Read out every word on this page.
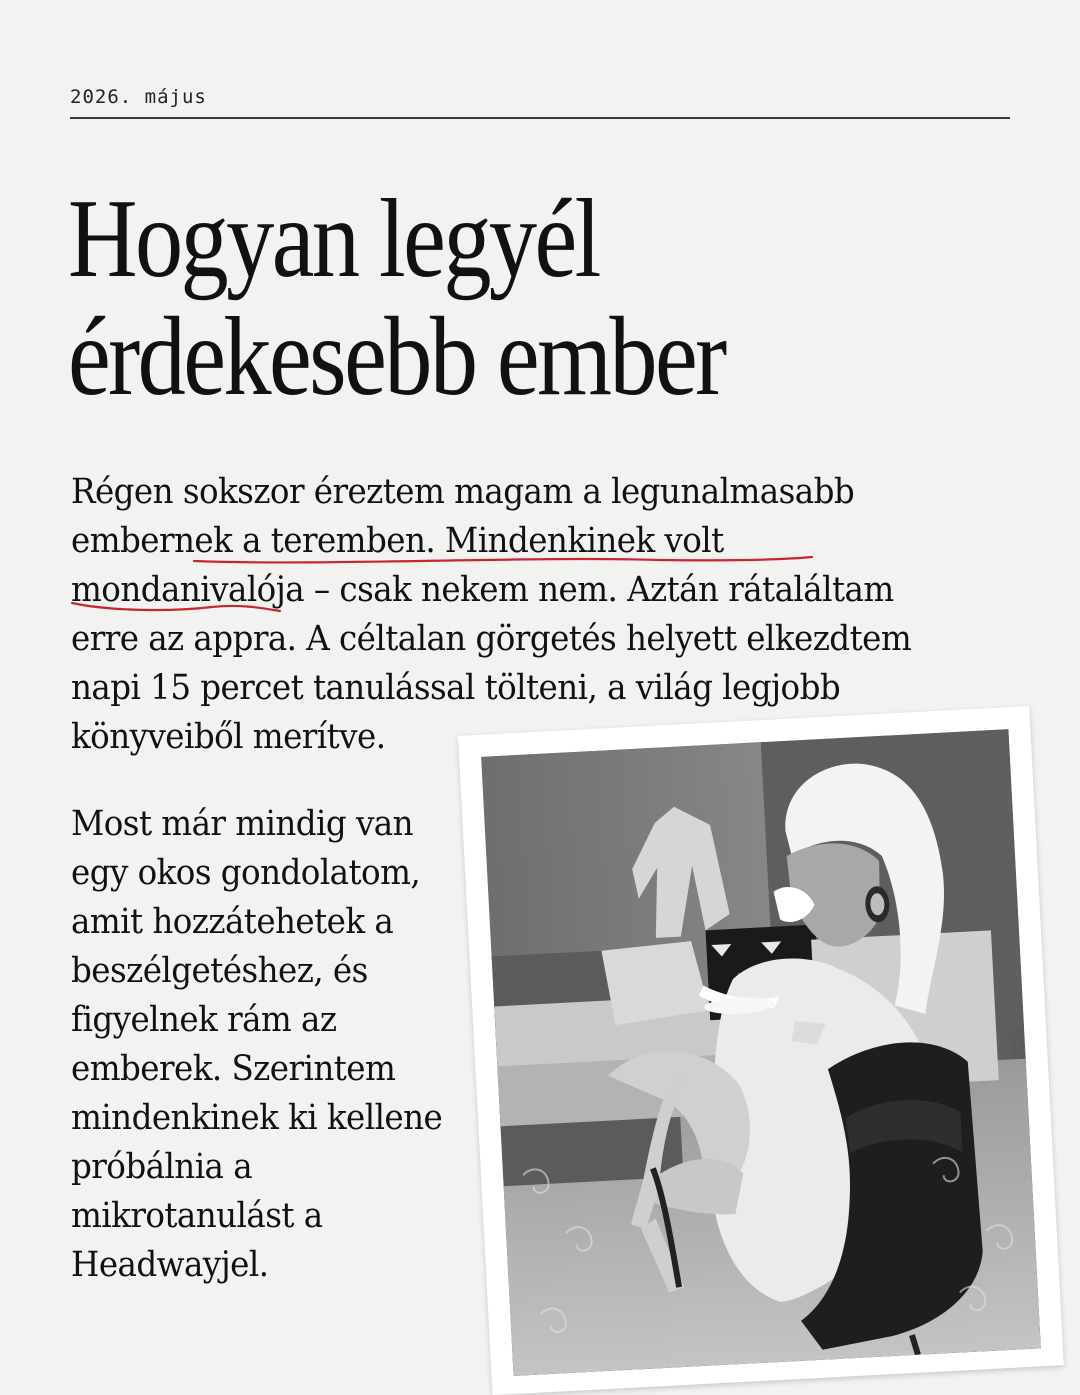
2026. május
Hogyan legyél
érdekesebb ember

Régen sokszor éreztem magam a legunalmasabb embernek a teremben. Mindenkinek volt mondanivalója – csak nekem nem. Aztán rátaláltam erre az appra. A céltalan görgetés helyett elkezdtem napi 15 percet tanulással tölteni, a világ legjobb könyveiből merítve.

Most már mindig van egy okos gondolatom, amit hozzátehetek a beszélgetéshez, és figyelnek rám az emberek. Szerintem mindenkinek ki kellene próbálnia a mikrotanulást a Headwayjel.
